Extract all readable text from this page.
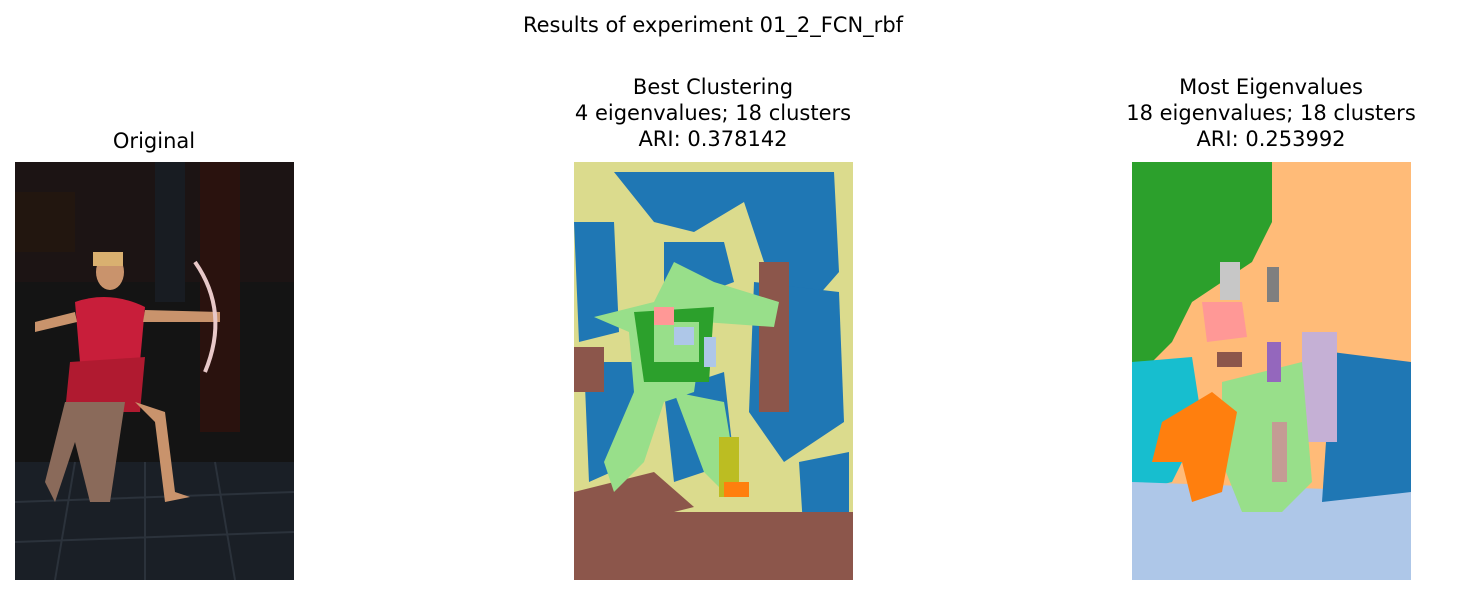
Results of experiment 01_2_FCN_rbf
Original
Best Clustering
4 eigenvalues; 18 clusters
ARI: 0.378142
Most Eigenvalues
18 eigenvalues; 18 clusters
ARI: 0.253992
